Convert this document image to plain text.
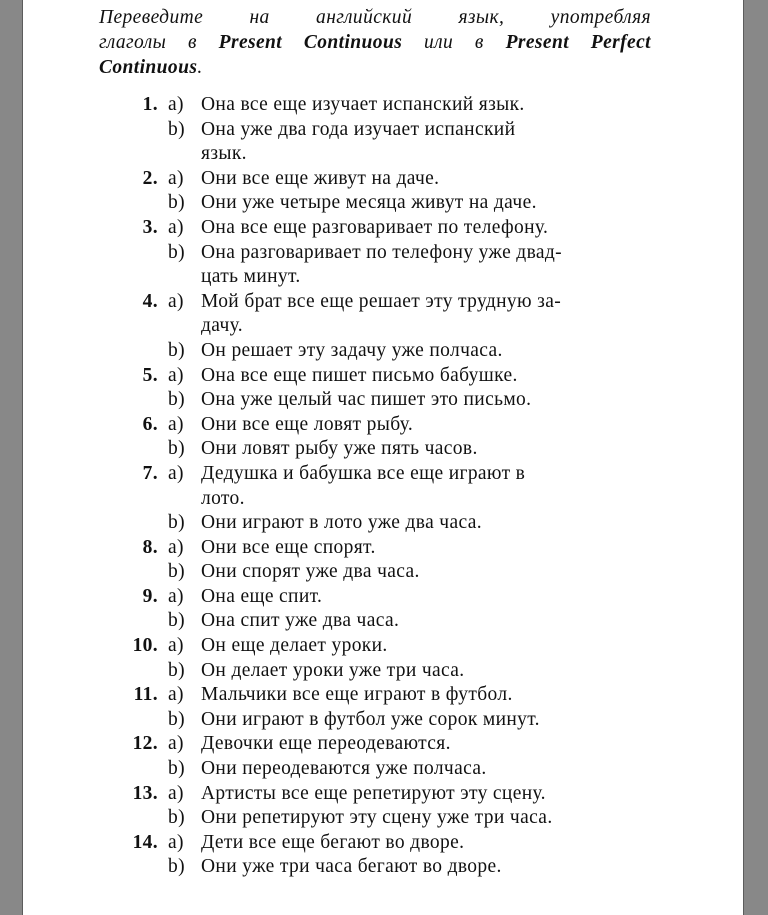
Переведите на английский язык, употребляя
глаголы в Present Continuous или в Present Perfect
Continuous.
1. a) Она все еще изучает испанский язык.
b) Она уже два года изучает испанский
язык.
2. a) Они все еще живут на даче.
b) Они уже четыре месяца живут на даче.
3. a) Она все еще разговаривает по телефону.
b) Она разговаривает по телефону уже двад-
цать минут.
4. a) Мой брат все еще решает эту трудную за-
дачу.
b) Он решает эту задачу уже полчаса.
5. a) Она все еще пишет письмо бабушке.
b) Она уже целый час пишет это письмо.
6. a) Они все еще ловят рыбу.
b) Они ловят рыбу уже пять часов.
7. a) Дедушка и бабушка все еще играют в
лото.
b) Они играют в лото уже два часа.
8. a) Они все еще спорят.
b) Они спорят уже два часа.
9. a) Она еще спит.
b) Она спит уже два часа.
10. a) Он еще делает уроки.
b) Он делает уроки уже три часа.
11. a) Мальчики все еще играют в футбол.
b) Они играют в футбол уже сорок минут.
12. a) Девочки еще переодеваются.
b) Они переодеваются уже полчаса.
13. a) Артисты все еще репетируют эту сцену.
b) Они репетируют эту сцену уже три часа.
14. a) Дети все еще бегают во дворе.
b) Они уже три часа бегают во дворе.
